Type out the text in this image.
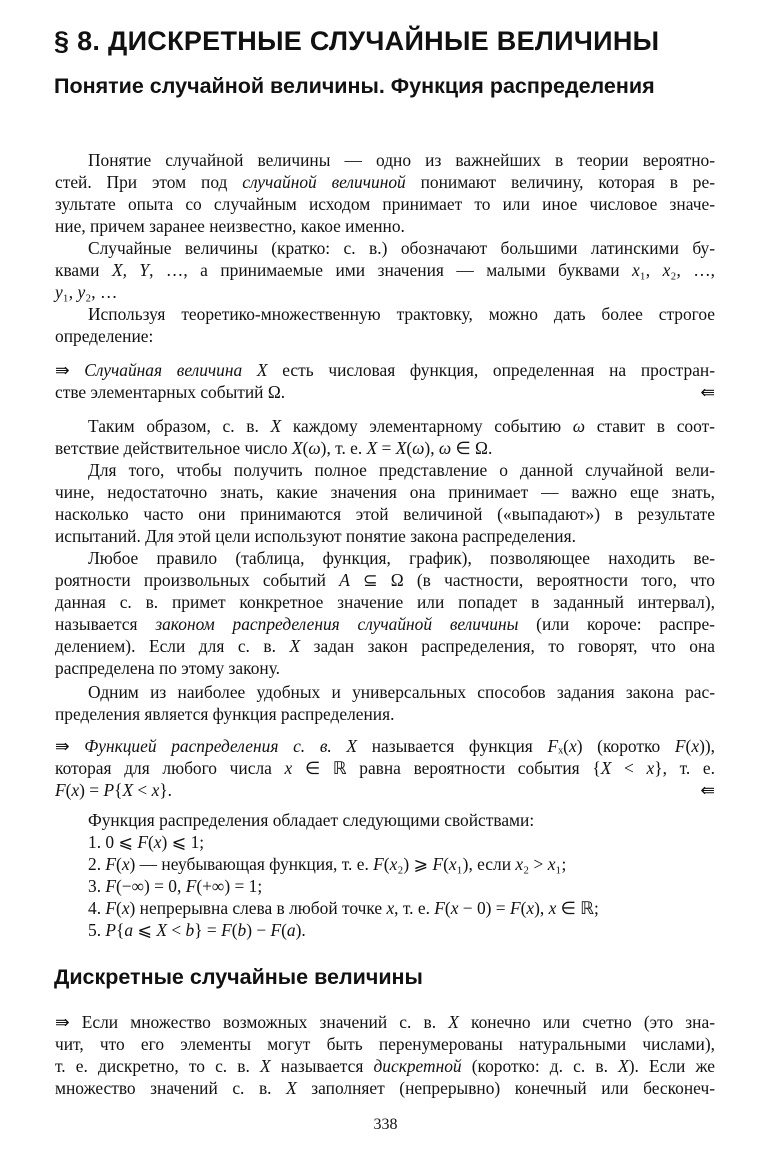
§ 8. ДИСКРЕТНЫЕ СЛУЧАЙНЫЕ ВЕЛИЧИНЫ
Понятие случайной величины. Функция распределения
Дискретные случайные величины
Понятие случайной величины — одно из важнейших в теории вероятно-
стей. При этом под случайной величиной понимают величину, которая в ре-
зультате опыта со случайным исходом принимает то или иное числовое значе-
ние, причем заранее неизвестно, какое именно.
Случайные величины (кратко: с. в.) обозначают большими латинскими бу-
квами X, Y, …, а принимаемые ими значения — малыми буквами x₁, x₂, …,
y₁, y₂, …
Используя теоретико-множественную трактовку, можно дать более строгое
определение:
⇛ Случайная величина X есть числовая функция, определенная на простран-
стве элементарных событий Ω.	⇚
Таким образом, с. в. X каждому элементарному событию ω ставит в соот-
ветствие действительное число X(ω), т. е. X = X(ω), ω ∈ Ω.
Для того, чтобы получить полное представление о данной случайной вели-
чине, недостаточно знать, какие значения она принимает — важно еще знать,
насколько часто они принимаются этой величиной («выпадают») в результате
испытаний. Для этой цели используют понятие закона распределения.
Любое правило (таблица, функция, график), позволяющее находить ве-
роятности произвольных событий A ⊆ Ω (в частности, вероятности того, что
данная с. в. примет конкретное значение или попадет в заданный интервал),
называется законом распределения случайной величины (или короче: распре-
делением). Если для с. в. X задан закон распределения, то говорят, что она
распределена по этому закону.
Одним из наиболее удобных и универсальных способов задания закона рас-
пределения является функция распределения.
⇛ Функцией распределения с. в. X называется функция Fₓ(x) (коротко F(x)),
которая для любого числа x ∈ ℝ равна вероятности события {X < x}, т. е.
F(x) = P{X < x}.	⇚
Функция распределения обладает следующими свойствами:
1. 0 ⩽ F(x) ⩽ 1;
2. F(x) — неубывающая функция, т. е. F(x₂) ⩾ F(x₁), если x₂ > x₁;
3. F(−∞) = 0, F(+∞) = 1;
4. F(x) непрерывна слева в любой точке x, т. е. F(x − 0) = F(x), x ∈ ℝ;
5. P{a ⩽ X < b} = F(b) − F(a).
⇛ Если множество возможных значений с. в. X конечно или счетно (это зна-
чит, что его элементы могут быть перенумерованы натуральными числами),
т. е. дискретно, то с. в. X называется дискретной (коротко: д. с. в. X). Если же
множество значений с. в. X заполняет (непрерывно) конечный или бесконеч-
338
